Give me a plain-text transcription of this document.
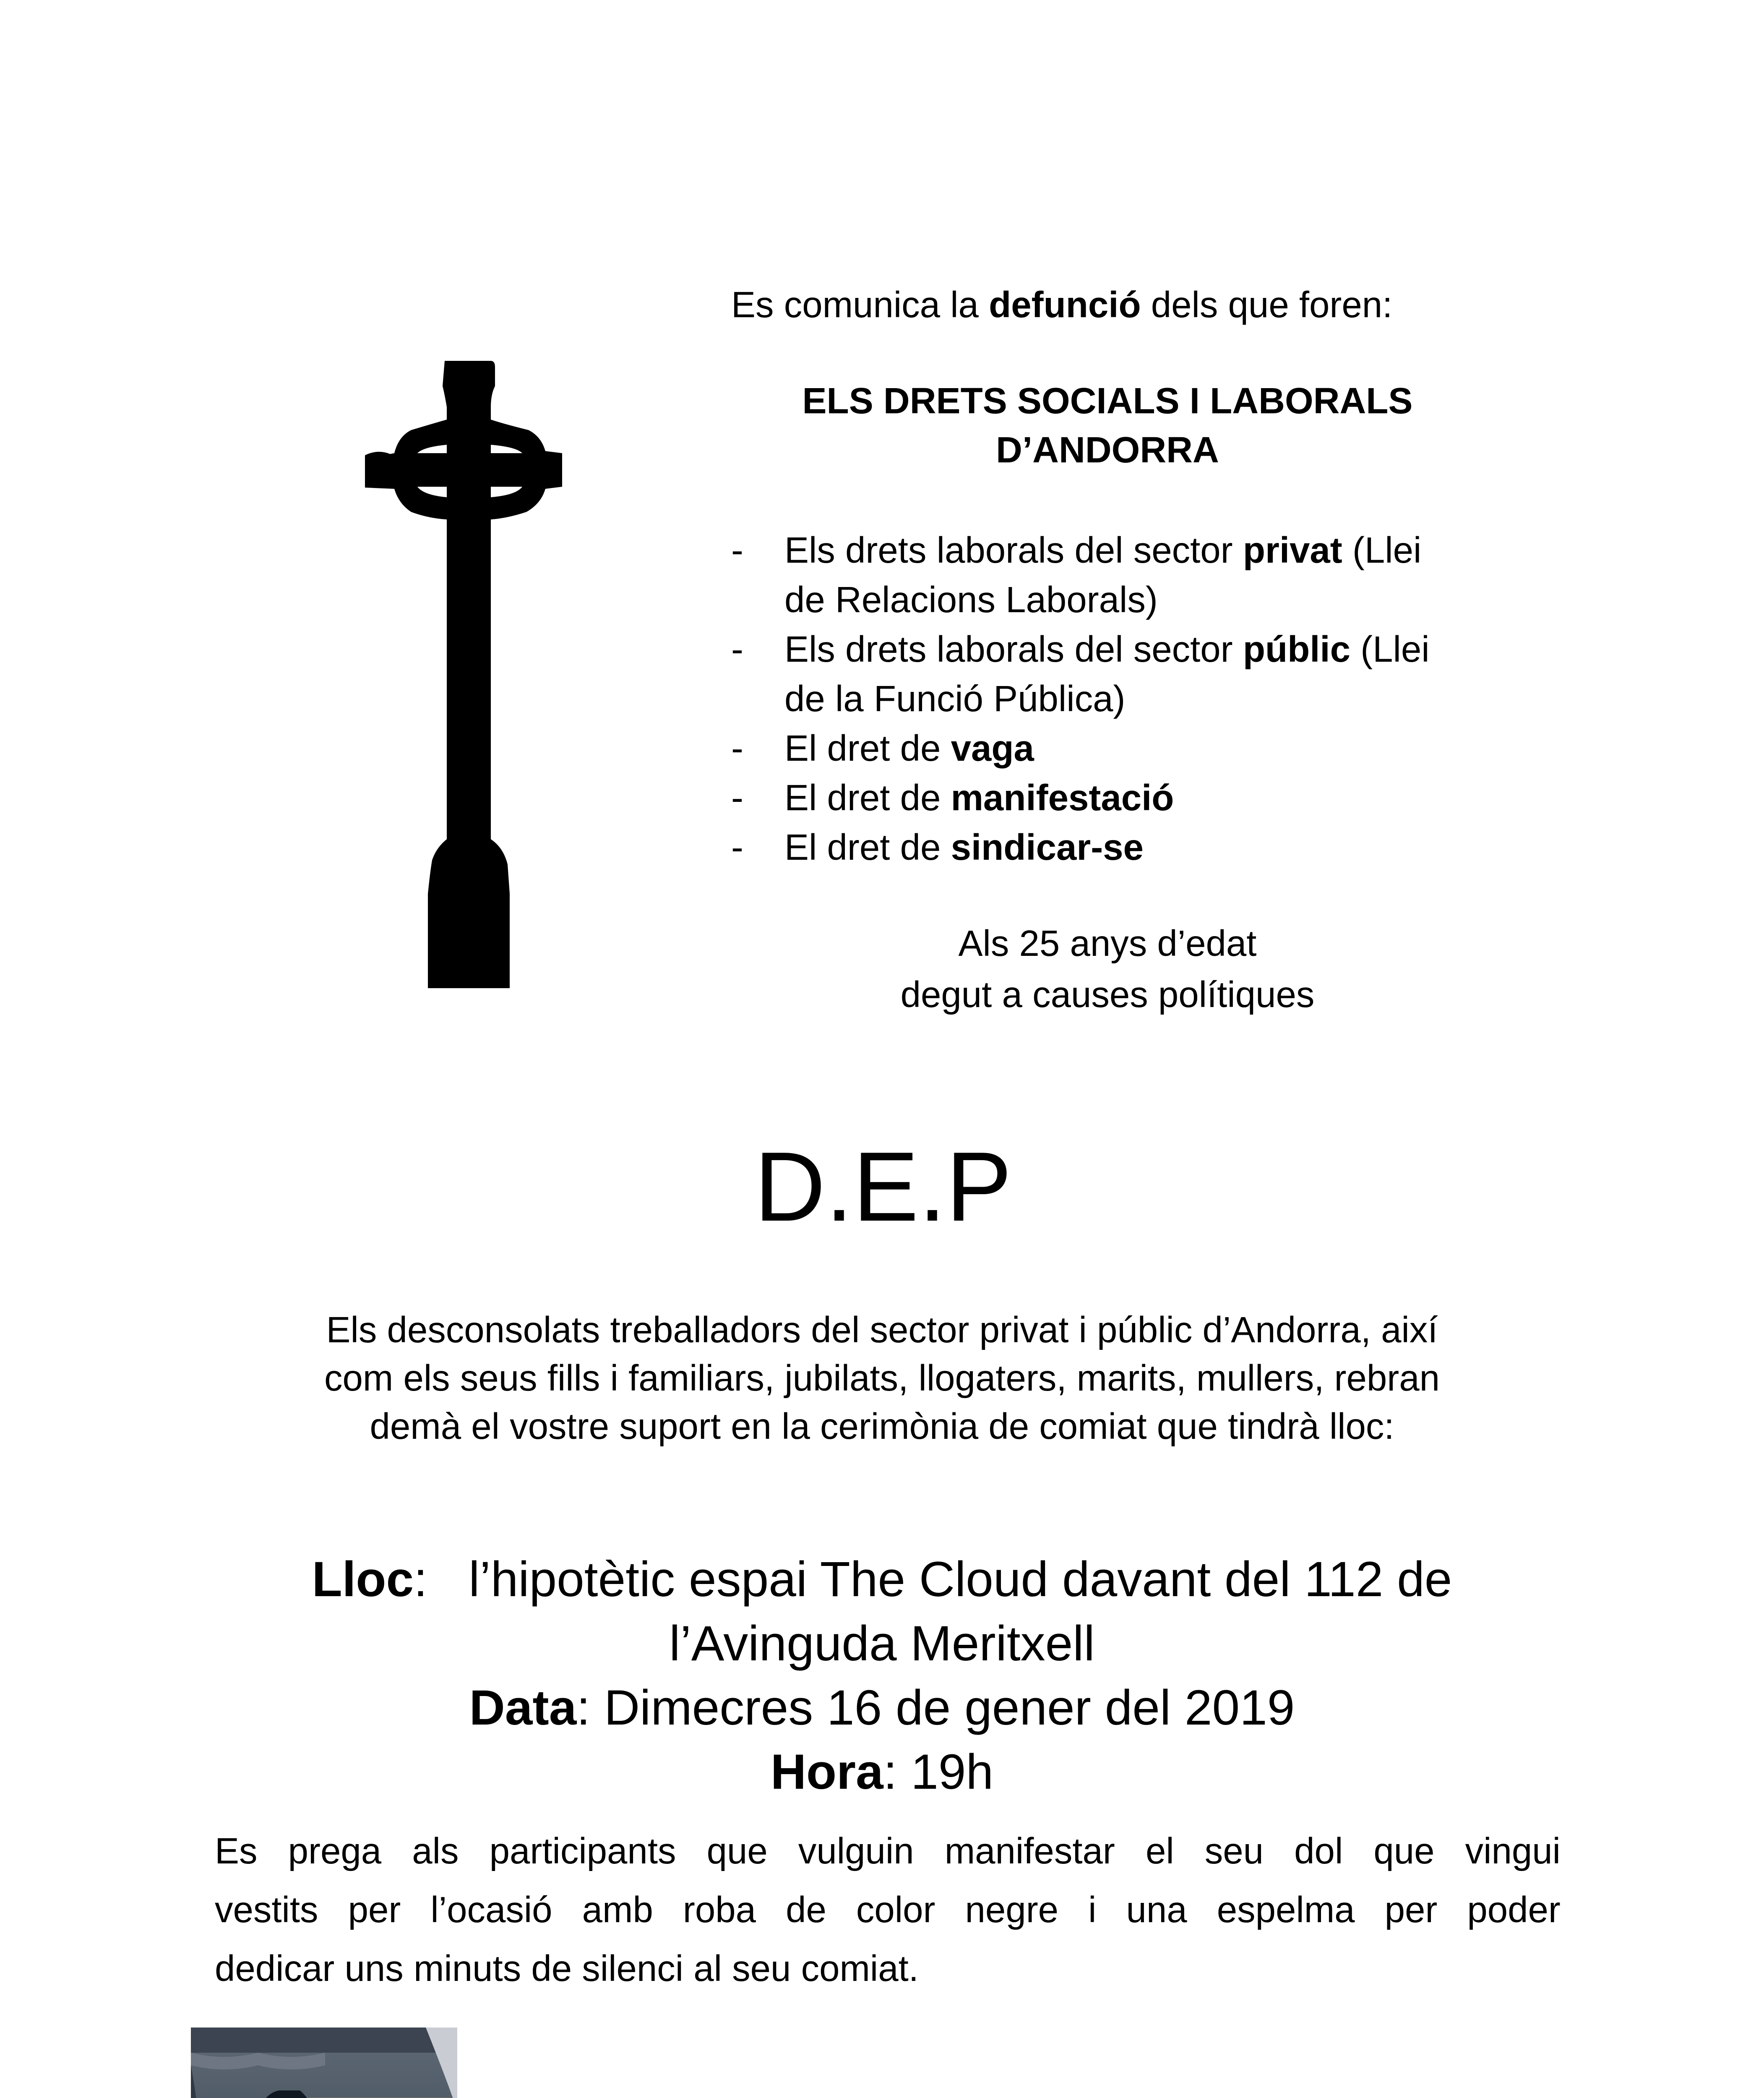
Es comunica la defunció dels que foren:
ELS DRETS SOCIALS I LABORALS
D’ANDORRA
- Els drets laborals del sector privat (Llei
de Relacions Laborals)
- Els drets laborals del sector públic (Llei
de la Funció Pública)
- El dret de vaga
- El dret de manifestació
- El dret de sindicar-se
Als 25 anys d’edat
degut a causes polítiques
D.E.P
Els desconsolats treballadors del sector privat i públic d’Andorra, així
com els seus fills i familiars, jubilats, llogaters, marits, mullers, rebran
demà el vostre suport en la cerimònia de comiat que tindrà lloc:
Lloc:   l’hipotètic espai The Cloud davant del 112 de
l’Avinguda Meritxell
Data: Dimecres 16 de gener del 2019
Hora: 19h
Es prega als participants que vulguin manifestar el seu dol que vingui
vestits per l’ocasió amb roba de color negre i una espelma per poder
dedicar uns minuts de silenci al seu comiat.
